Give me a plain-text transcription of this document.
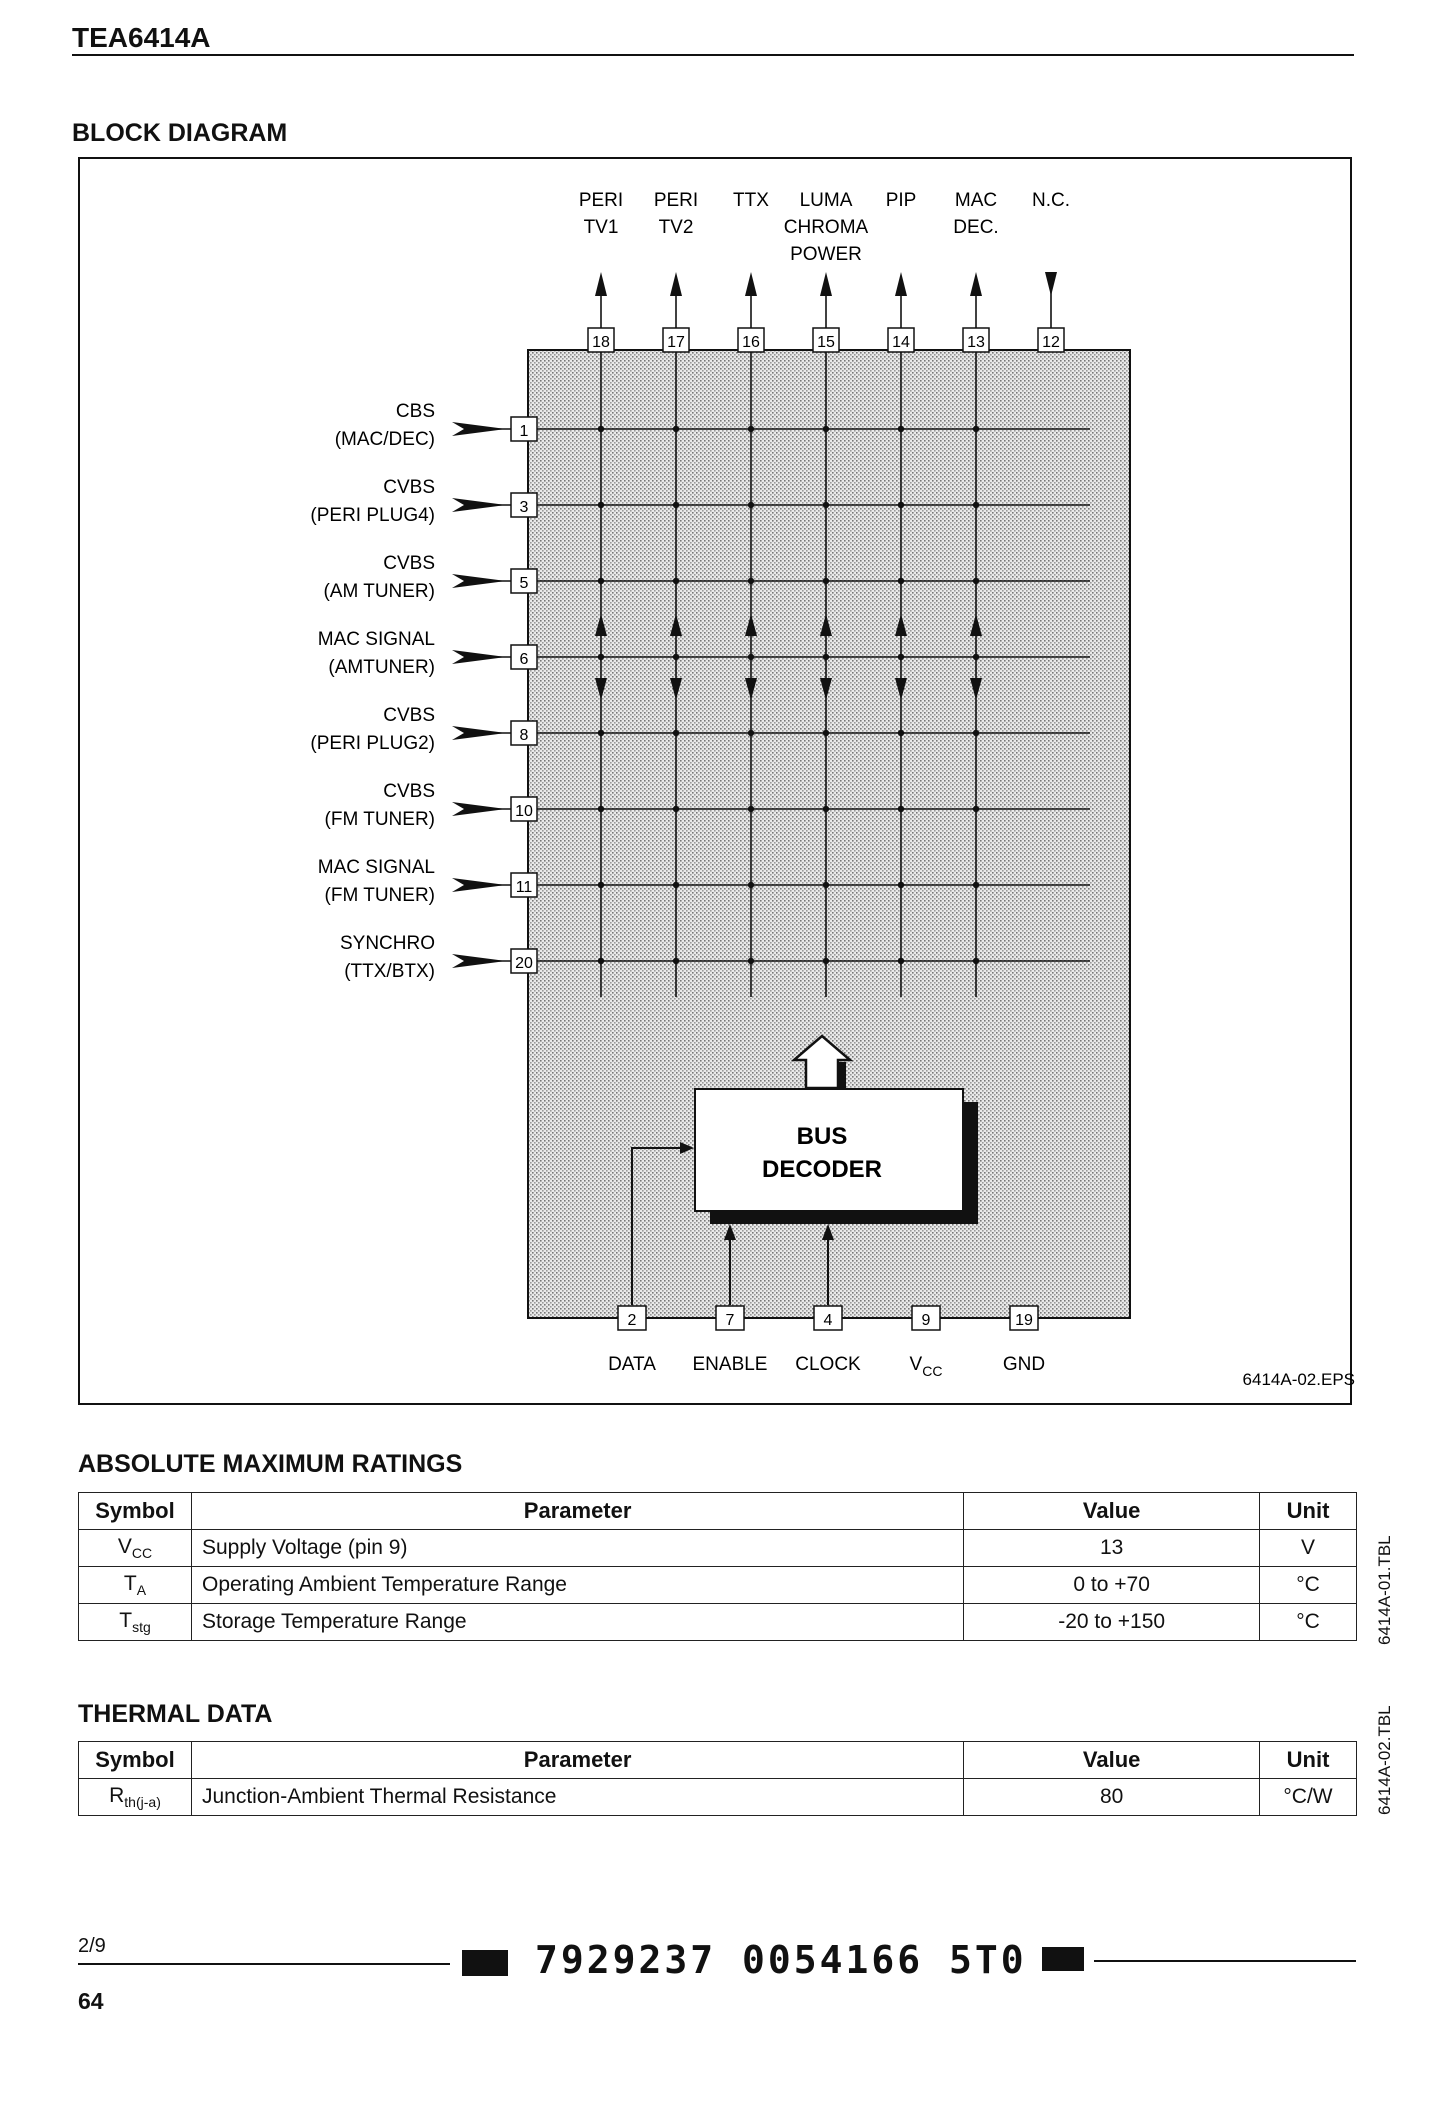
TEA6414A
BLOCK DIAGRAM
18	17	16	15	14	13	12
1
3
5
6
8
10
11
20
2	7	4	9	19
PERI
TV1
PERI
TV2
TTX LUMA
CHROMA
POWER
PIP MAC
DEC.
N.C.
CBS
(MAC/DEC)
CVBS
(PERI PLUG4)
CVBS
(AM TUNER)
MAC SIGNAL
(AMTUNER)
CVBS
(PERI PLUG2)
CVBS
(FM TUNER)
MAC SIGNAL
(FM TUNER)
SYNCHRO
(TTX/BTX)
DATA ENABLE CLOCK	$V_{CC}$	GND
BUS
DECODER
6414A-02.EPS
ABSOLUTE MAXIMUM RATINGS
Symbol	Parameter	Value	Unit
$V_{CC}$	Supply Voltage (pin 9)	13	V
$T_A$	Operating Ambient Temperature Range	0 to +70	°C
$T_{stg}$	Storage Temperature Range	-20 to +150	°C	6414A-01.TBL
THERMAL DATA
Symbol	Parameter	Value	Unit
$R_{th(j-a)}$	Junction-Ambient Thermal Resistance	80	°C/W 6414A-02.TBL
2/9	7929237 0054166 5T0
64
